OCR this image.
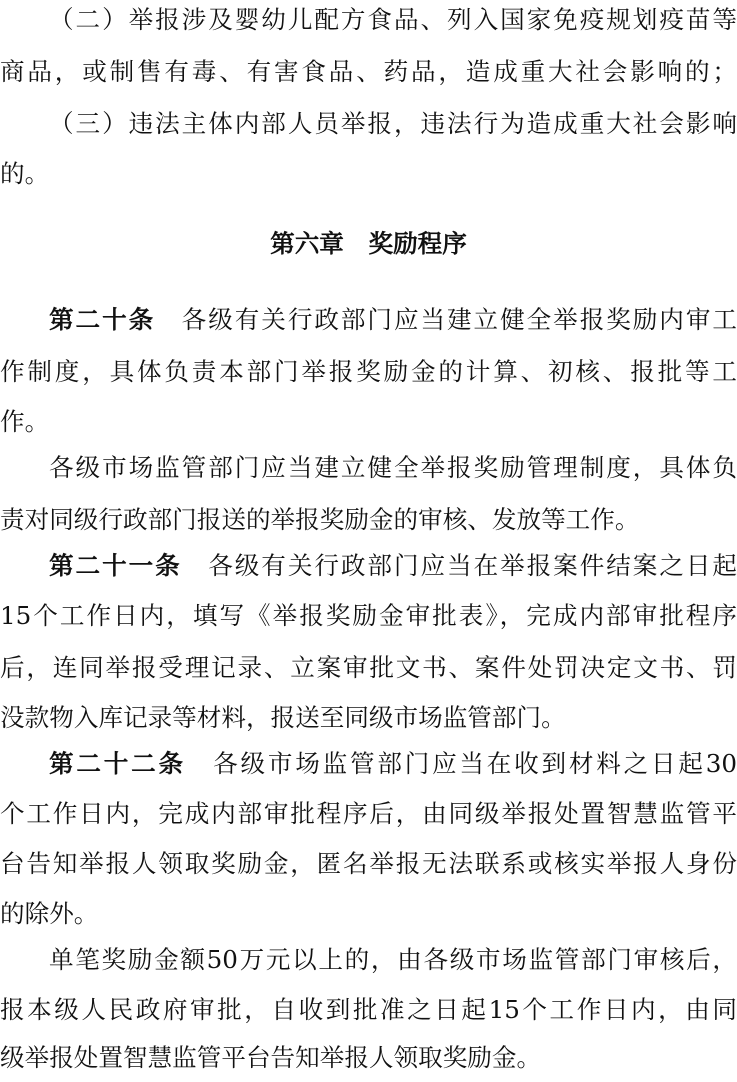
（二）举报涉及婴幼儿配方食品、列入国家免疫规划疫苗等
商品，或制售有毒、有害食品、药品，造成重大社会影响的；
（三）违法主体内部人员举报，违法行为造成重大社会影响
的。
第六章　奖励程序
第二十条　各级有关行政部门应当建立健全举报奖励内审工
作制度，具体负责本部门举报奖励金的计算、初核、报批等工
作。
各级市场监管部门应当建立健全举报奖励管理制度，具体负
责对同级行政部门报送的举报奖励金的审核、发放等工作。
第二十一条　各级有关行政部门应当在举报案件结案之日起
15个工作日内，填写《举报奖励金审批表》，完成内部审批程序
后，连同举报受理记录、立案审批文书、案件处罚决定文书、罚
没款物入库记录等材料，报送至同级市场监管部门。
第二十二条　各级市场监管部门应当在收到材料之日起30
个工作日内，完成内部审批程序后，由同级举报处置智慧监管平
台告知举报人领取奖励金，匿名举报无法联系或核实举报人身份
的除外。
单笔奖励金额50万元以上的，由各级市场监管部门审核后，
报本级人民政府审批，自收到批准之日起15个工作日内，由同
级举报处置智慧监管平台告知举报人领取奖励金。
